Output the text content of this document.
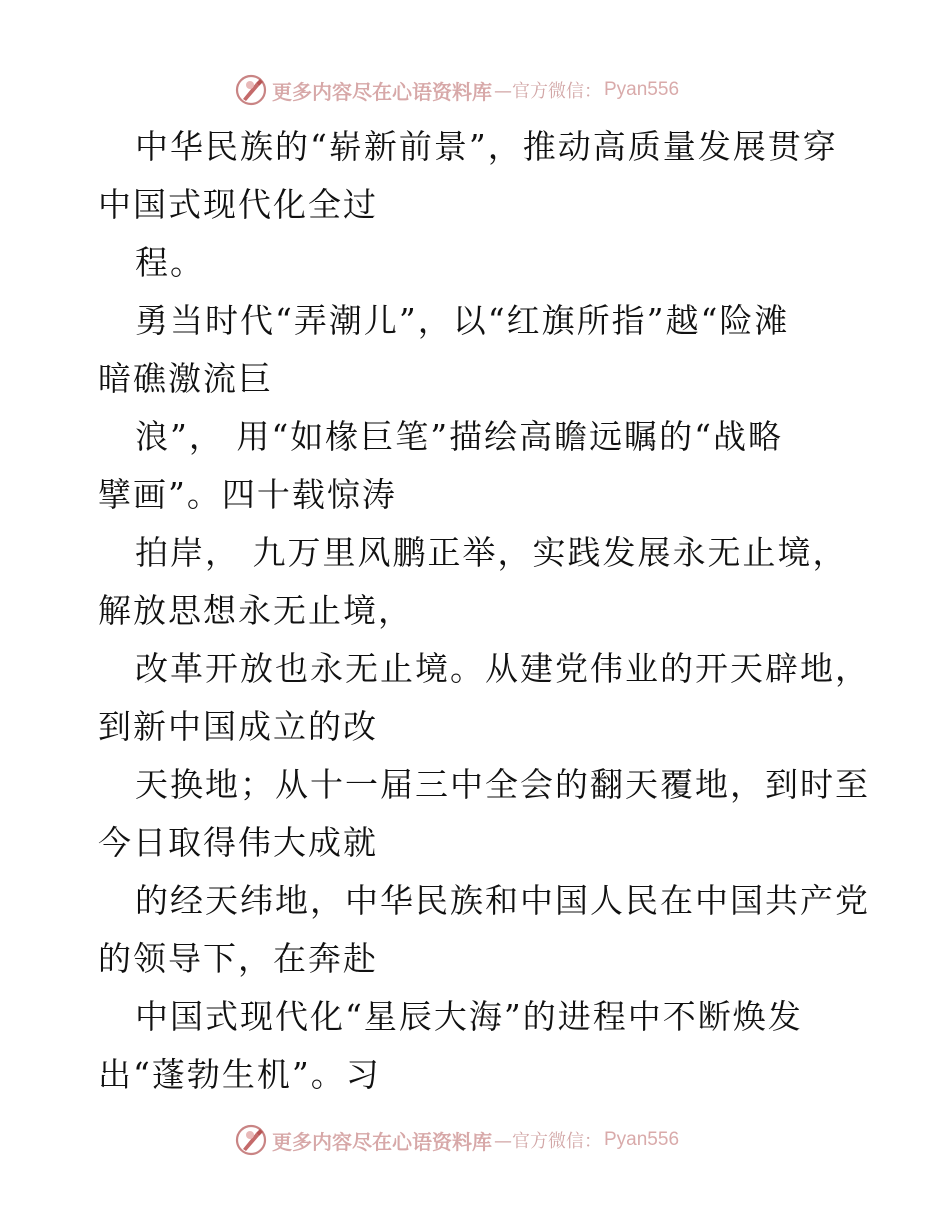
更多内容尽在心语资料库 —官方微信： Pyan556
中华民族的“崭新前景”，推动高质量发展贯穿
中国式现代化全过
程。
勇当时代“弄潮儿”，以“红旗所指”越“险滩
暗礁激流巨
浪”， 用“如椽巨笔”描绘高瞻远瞩的“战略
擘画”。四十载惊涛
拍岸， 九万里风鹏正举，实践发展永无止境，
解放思想永无止境，
改革开放也永无止境。从建党伟业的开天辟地，
到新中国成立的改
天换地；从十一届三中全会的翻天覆地，到时至
今日取得伟大成就
的经天纬地，中华民族和中国人民在中国共产党
的领导下，在奔赴
中国式现代化“星辰大海”的进程中不断焕发
出“蓬勃生机”。习
更多内容尽在心语资料库 —官方微信： Pyan556
